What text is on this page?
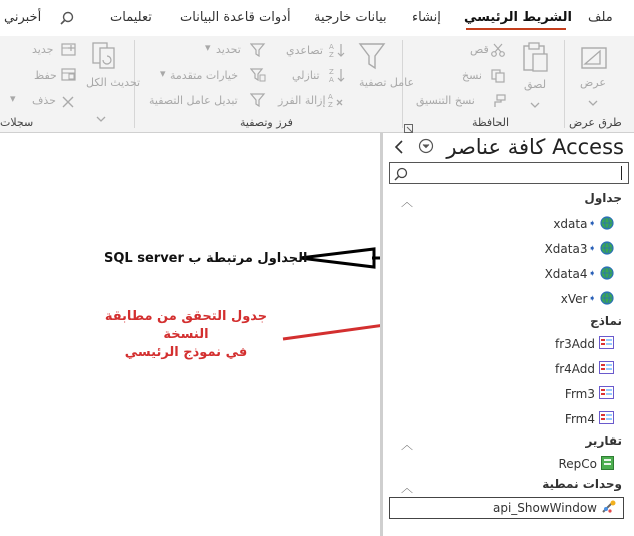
ملف
الشريط الرئيسي
إنشاء
بيانات خارجية
أدوات قاعدة البيانات
تعليمات
أخبرني
عرض
طرق عرض
لصق
قص
نسخ
نسخ التنسيق
الحافظة
عامل تصفية
A
Z
تصاعدي
Z
A
تنازلي
A
Z
إزالة الفرز
تحديد
▾
خيارات متقدمة
▾
تبديل عامل التصفية
فرز وتصفية
تحديث الكل
جديد
حفظ
حذف
▾
سجلات
الجداول مرتبطة ب SQL server
جدول التحقق من مطابقة النسخة
في نموذج الرئيسي
كافة عناصر Access
︿	جداول
xdata ➧
Xdata3 ➧
Xdata4 ➧
xVer ➧
نماذج
fr3Add
fr4Add
Frm3
Frm4
︿	تقارير
RepCo
︿	وحدات نمطية
api_ShowWindow
